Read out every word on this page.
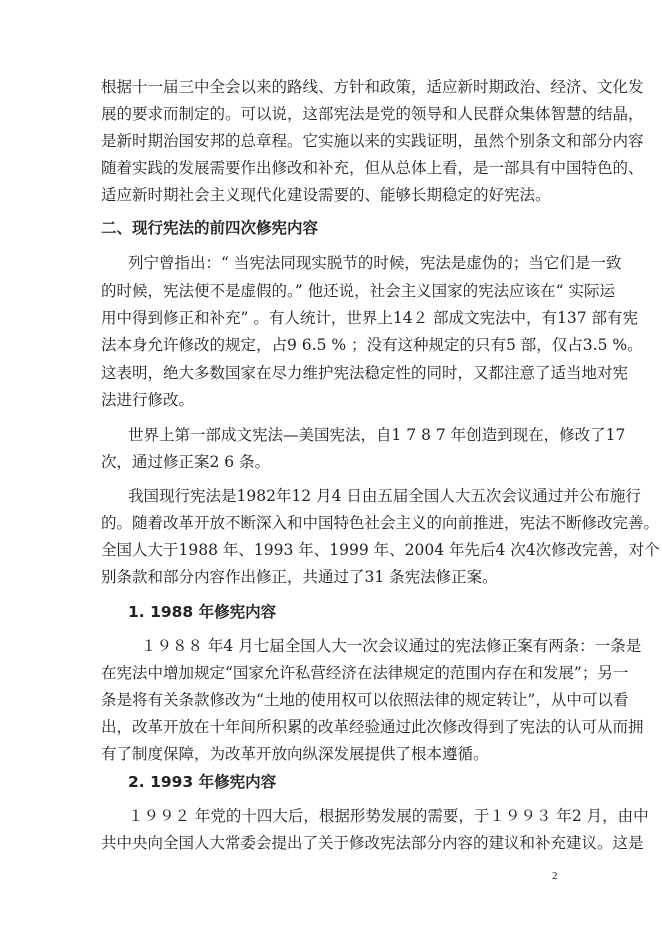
根据十一届三中全会以来的路线、方针和政策，适应新时期政治、经济、文化发
展的要求而制定的。可以说，这部宪法是党的领导和人民群众集体智慧的结晶，
是新时期治国安邦的总章程。它实施以来的实践证明，虽然个别条文和部分内容
随着实践的发展需要作出修改和补充，但从总体上看，是一部具有中国特色的、
适应新时期社会主义现代化建设需要的、能够长期稳定的好宪法。
二、现行宪法的前四次修宪内容
列宁曾指出：“ 当宪法同现实脱节的时候，宪法是虚伪的；当它们是一致
的时候，宪法便不是虚假的。” 他还说，社会主义国家的宪法应该在“ 实际运
用中得到修正和补充” 。有人统计，世界上14２ 部成文宪法中，有137 部有宪
法本身允许修改的规定，占9 6.5 % ；没有这种规定的只有5 部，仅占3.5 %。
这表明，绝大多数国家在尽力维护宪法稳定性的同时，又都注意了适当地对宪
法进行修改。
世界上第一部成文宪法—美国宪法，自1 7 8 7 年创造到现在，修改了17
次，通过修正案2 6 条。
我国现行宪法是1982年12 月4 日由五届全国人大五次会议通过并公布施行
的。随着改革开放不断深入和中国特色社会主义的向前推进，宪法不断修改完善。
全国人大于1988 年、1993 年、1999 年、2004 年先后4 次4次修改完善，对个
别条款和部分内容作出修正，共通过了31 条宪法修正案。
1. 1988 年修宪内容
１９８８ 年4 月七届全国人大一次会议通过的宪法修正案有两条：一条是
在宪法中增加规定“国家允许私营经济在法律规定的范围内存在和发展”；另一
条是将有关条款修改为“土地的使用权可以依照法律的规定转让”，从中可以看
出，改革开放在十年间所积累的改革经验通过此次修改得到了宪法的认可从而拥
有了制度保障，为改革开放向纵深发展提供了根本遵循。
2. 1993 年修宪内容
１９９２ 年党的十四大后，根据形势发展的需要，于１９９３ 年2 月，由中
共中央向全国人大常委会提出了关于修改宪法部分内容的建议和补充建议。这是
2
